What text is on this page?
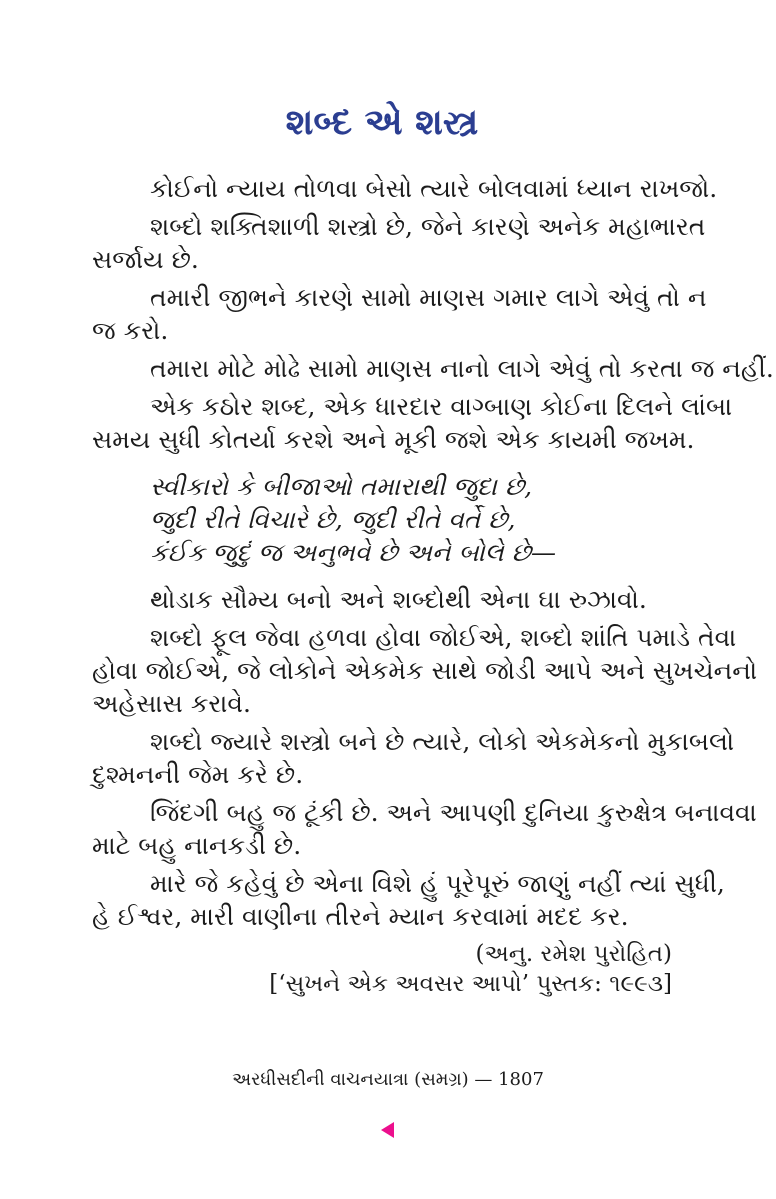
શબ્દ એ શસ્ત્ર

કોઈનો ન્યાય તોળવા બેસો ત્યારે બોલવામાં ધ્યાન રાખજો.

શબ્દો શક્તિશાળી શસ્ત્રો છે, જેને કારણે અનેક મહાભારત
સર્જાય છે.

તમારી જીભને કારણે સામો માણસ ગમાર લાગે એવું તો ન
જ કરો.

તમારા મોટે મોઢે સામો માણસ નાનો લાગે એવું તો કરતા જ નહીં.

એક કઠોર શબ્દ, એક ધારદાર વાગ્બાણ કોઈના દિલને લાંબા
સમય સુધી કોતર્યા કરશે અને મૂકી જશે એક કાયમી જખમ.

સ્વીકારો કે બીજાઓ તમારાથી જુદા છે,
જુદી રીતે વિચારે છે, જુદી રીતે વર્તે છે,
કંઈક જુદું જ અનુભવે છે અને બોલે છે—

થોડાક સૌમ્ય બનો અને શબ્દોથી એના ઘા રુઝાવો.

શબ્દો ફૂલ જેવા હળવા હોવા જોઈએ, શબ્દો શાંતિ પમાડે તેવા
હોવા જોઈએ, જે લોકોને એકમેક સાથે જોડી આપે અને સુખચેનનો
અહેસાસ કરાવે.

શબ્દો જ્યારે શસ્ત્રો બને છે ત્યારે, લોકો એકમેકનો મુકાબલો
દુશ્મનની જેમ કરે છે.

જિંદગી બહુ જ ટૂંકી છે. અને આપણી દુનિયા કુરુક્ષેત્ર બનાવવા
માટે બહુ નાનકડી છે.

મારે જે કહેવું છે એના વિશે હું પૂરેપૂરું જાણું નહીં ત્યાં સુધી,
હે ઈશ્વર, મારી વાણીના તીરને મ્યાન કરવામાં મદદ કર.

(અનુ. રમેશ પુરોહિત)
[‘સુખને એક અવસર આપો’ પુસ્તક: ૧૯૯૩]
અરધીસદીની વાચનયાત્રા (સમગ્ર) — 1807
